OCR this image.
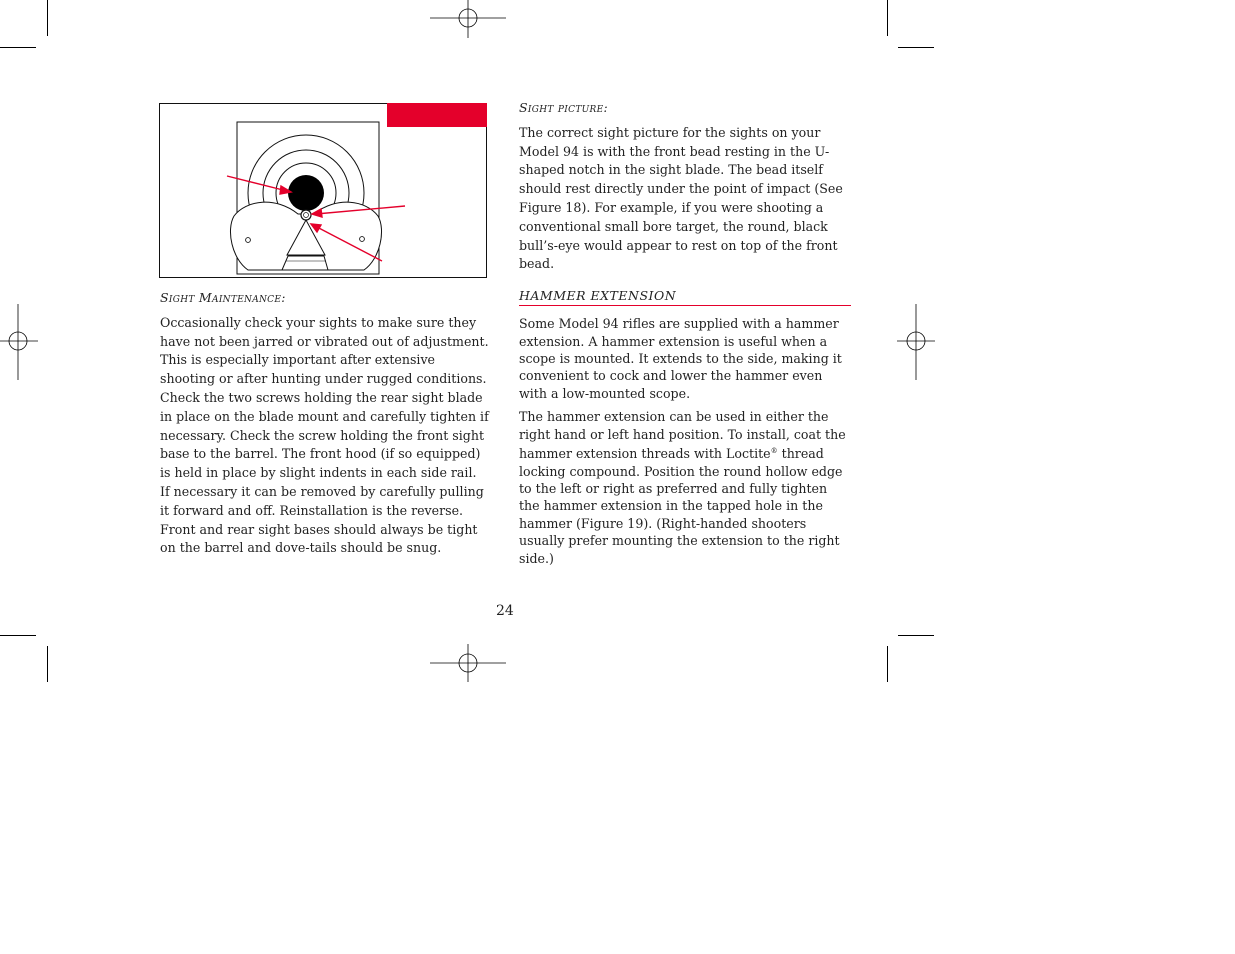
Sight Maintenance:

Occasionally check your sights to make sure they have not been jarred or vibrated out of adjustment. This is especially important after extensive shooting or after hunting under rugged conditions. Check the two screws holding the rear sight blade in place on the blade mount and carefully tighten if necessary. Check the screw holding the front sight base to the barrel. The front hood (if so equipped) is held in place by slight indents in each side rail. If necessary it can be removed by carefully pulling it forward and off. Reinstallation is the reverse. Front and rear sight bases should always be tight on the barrel and dove-tails should be snug.

Sight picture:

The correct sight picture for the sights on your Model 94 is with the front bead resting in the U-shaped notch in the sight blade. The bead itself should rest directly under the point of impact (See Figure 18). For example, if you were shooting a conventional small bore target, the round, black bull’s-eye would appear to rest on top of the front bead.

HAMMER EXTENSION

Some Model 94 rifles are supplied with a hammer extension. A hammer extension is useful when a scope is mounted. It extends to the side, making it convenient to cock and lower the hammer even with a low-mounted scope.

The hammer extension can be used in either the right hand or left hand position. To install, coat the hammer extension threads with Loctite® thread locking compound. Position the round hollow edge to the left or right as preferred and fully tighten the hammer extension in the tapped hole in the hammer (Figure 19). (Right-handed shooters usually prefer mounting the extension to the right side.)

24
